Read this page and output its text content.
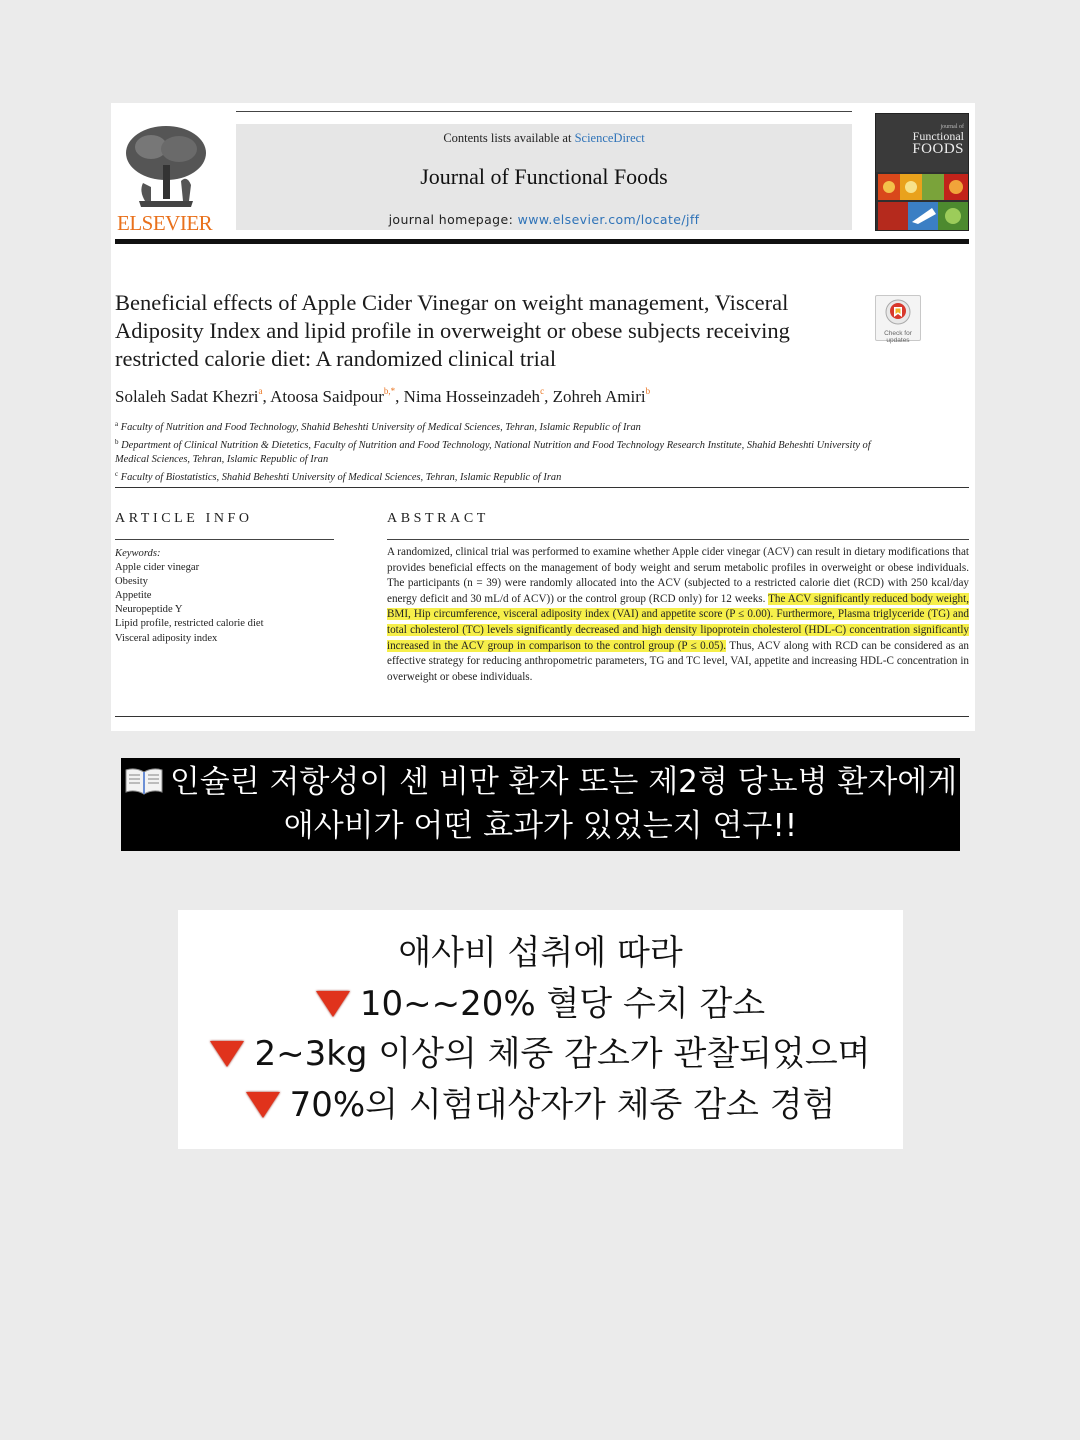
ELSEVIER
Contents lists available at ScienceDirect
Journal of Functional Foods
journal homepage: www.elsevier.com/locate/jff
journal of
Functional
FOODS
Beneficial effects of Apple Cider Vinegar on weight management, Visceral Adiposity Index and lipid profile in overweight or obese subjects receiving restricted calorie diet: A randomized clinical trial
Check for
updates
Solaleh Sadat Khezri$^a$, Atoosa Saidpour$^{b,*}$, Nima Hosseinzadeh$^c$, Zohreh Amiri$^b$
$^a$ Faculty of Nutrition and Food Technology, Shahid Beheshti University of Medical Sciences, Tehran, Islamic Republic of Iran
$^b$ Department of Clinical Nutrition & Dietetics, Faculty of Nutrition and Food Technology, National Nutrition and Food Technology Research Institute, Shahid Beheshti University of Medical Sciences, Tehran, Islamic Republic of Iran
$^c$ Faculty of Biostatistics, Shahid Beheshti University of Medical Sciences, Tehran, Islamic Republic of Iran
ARTICLE INFO	ABSTRACT
Keywords:
Apple cider vinegar
Obesity
Appetite
Neuropeptide Y
Lipid profile, restricted calorie diet
Visceral adiposity index
A randomized, clinical trial was performed to examine whether Apple cider vinegar (ACV) can result in dietary modifications that provides beneficial effects on the management of body weight and serum metabolic profiles in overweight or obese individuals. The participants (n = 39) were randomly allocated into the ACV (subjected to a restricted calorie diet (RCD) with 250 kcal/day energy deficit and 30 mL/d of ACV)) or the control group (RCD only) for 12 weeks. The ACV significantly reduced body weight, BMI, Hip circumference, visceral adiposity index (VAI) and appetite score (P ≤ 0.00). Furthermore, Plasma triglyceride (TG) and total cholesterol (TC) levels significantly decreased and high density lipoprotein cholesterol (HDL-C) concentration significantly increased in the ACV group in comparison to the control group (P ≤ 0.05). Thus, ACV along with RCD can be considered as an effective strategy for reducing anthropometric parameters, TG and TC level, VAI, appetite and increasing HDL-C concentration in overweight or obese individuals.
인슐린 저항성이 센 비만 환자 또는 제2형 당뇨병 환자에게
애사비가 어떤 효과가 있었는지 연구!!
애사비 섭취에 따라
10~~20% 혈당 수치 감소
2~3kg 이상의 체중 감소가 관찰되었으며
70%의 시험대상자가 체중 감소 경험
